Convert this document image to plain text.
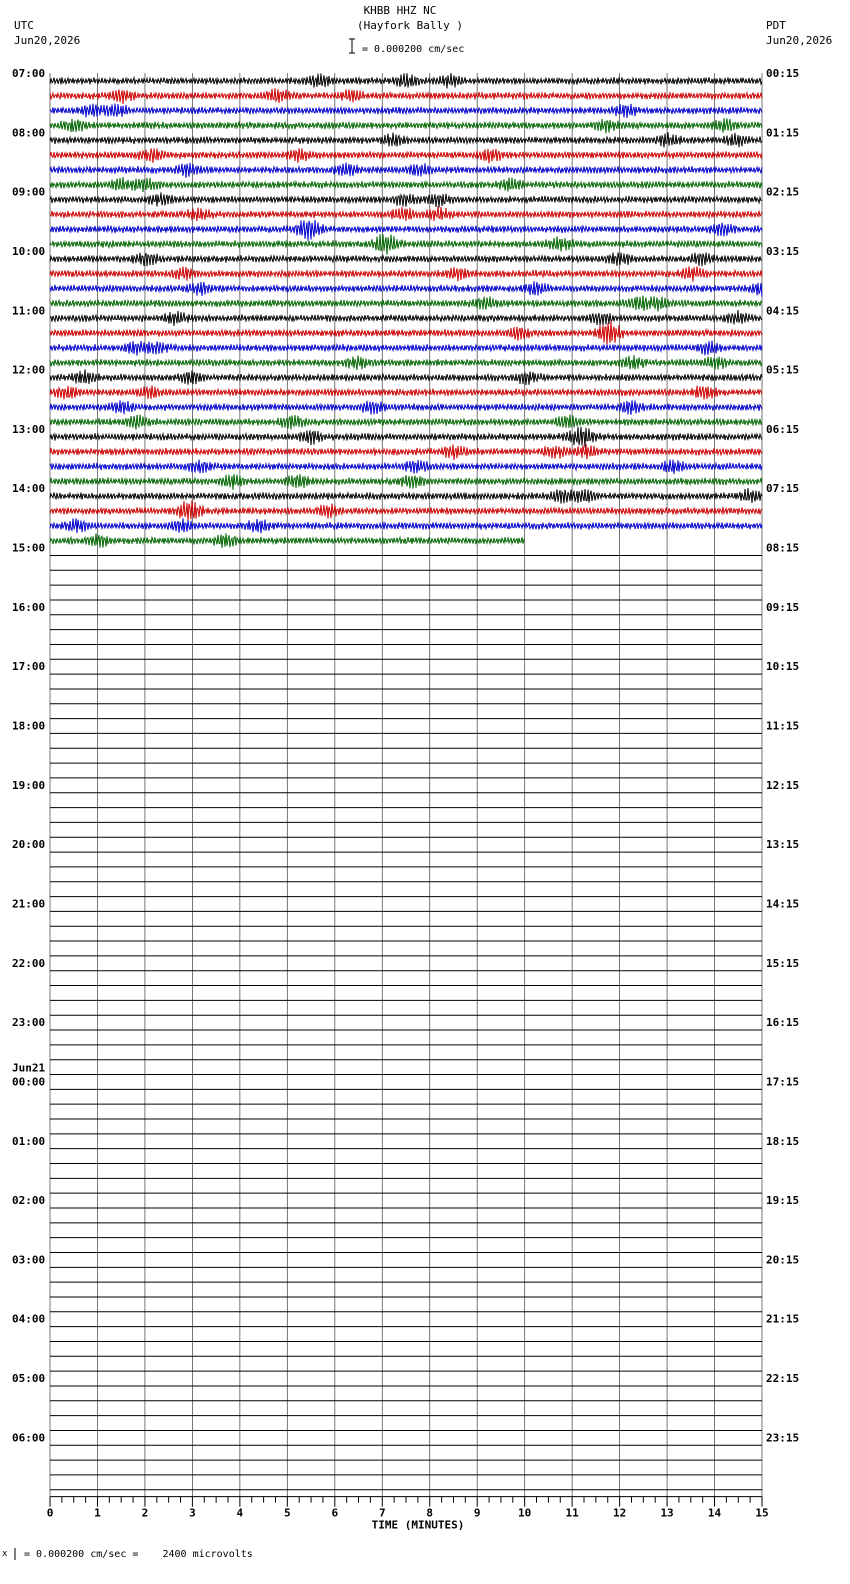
KHBB HHZ NC
(Hayfork Bally )
UTC
Jun20,2026
PDT
Jun20,2026
= 0.000200 cm/sec
x = 0.000200 cm/sec =    2400 microvolts
07:00	00:15
08:00	01:15
09:00	02:15
10:00	03:15
11:00	04:15
12:00	05:15
13:00	06:15
14:00	07:15
15:00	08:15
16:00	09:15
17:00	10:15
18:00	11:15
19:00	12:15
20:00	13:15
21:00	14:15
22:00	15:15
23:00	16:15
00:00	17:15
Jun21
01:00	18:15
02:00	19:15
03:00	20:15
04:00	21:15
05:00	22:15
06:00	23:15
0	1	2	3	4	5	6	7	8	9	10	11	12	13	14	15
TIME (MINUTES)
